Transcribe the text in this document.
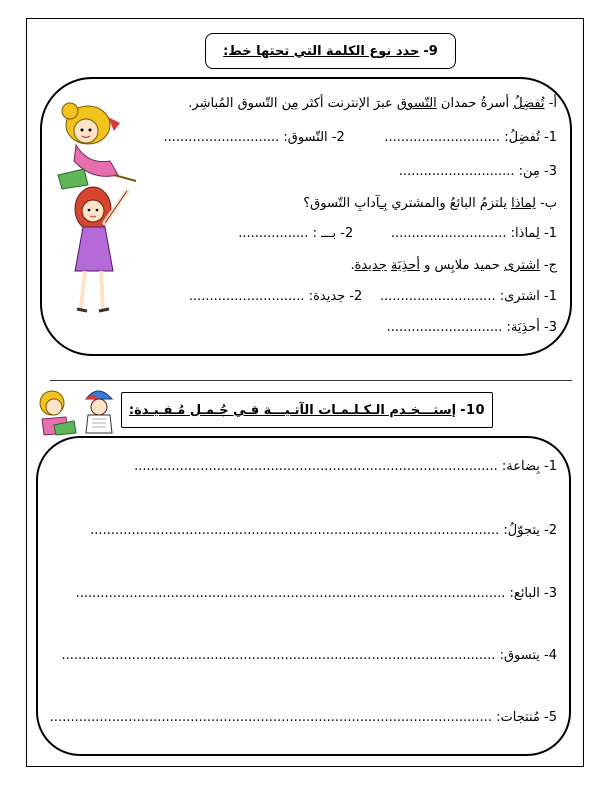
9-
حدد نوع الكلمة التي تحتها خط:
أ- تُفضِلُ أسرةُ حمدان التّسوق عبرَ الإنترنت أكثر مِن التّسوق المُباشِر.
1- تُفضِلُ: ............................  2- التّسوق: ............................
3- مِن: ............................
ب- لِماذا يلتزمُ البائعُ والمشتري بِـآدابِ التّسوق؟
1- لِماذا: ............................  2- بـــ : .................
ج- اشترى حميد ملابِس و أحذِيَة جديدة.
1- اشترى: ............................  2- جديدة: ............................
3- أحذِيَة: ............................
10-
إستـــخـدم الـكـلـمـات الآتـيـــة فـي جُـمـل مُـفـيـدة:
1- بِضاعة: ........................................................................................
2- يتجوّلُ: ...................................................................................................
3- البائع: ........................................................................................................
4- يتسوق: .........................................................................................................
5- مُنتجات: ...........................................................................................................
